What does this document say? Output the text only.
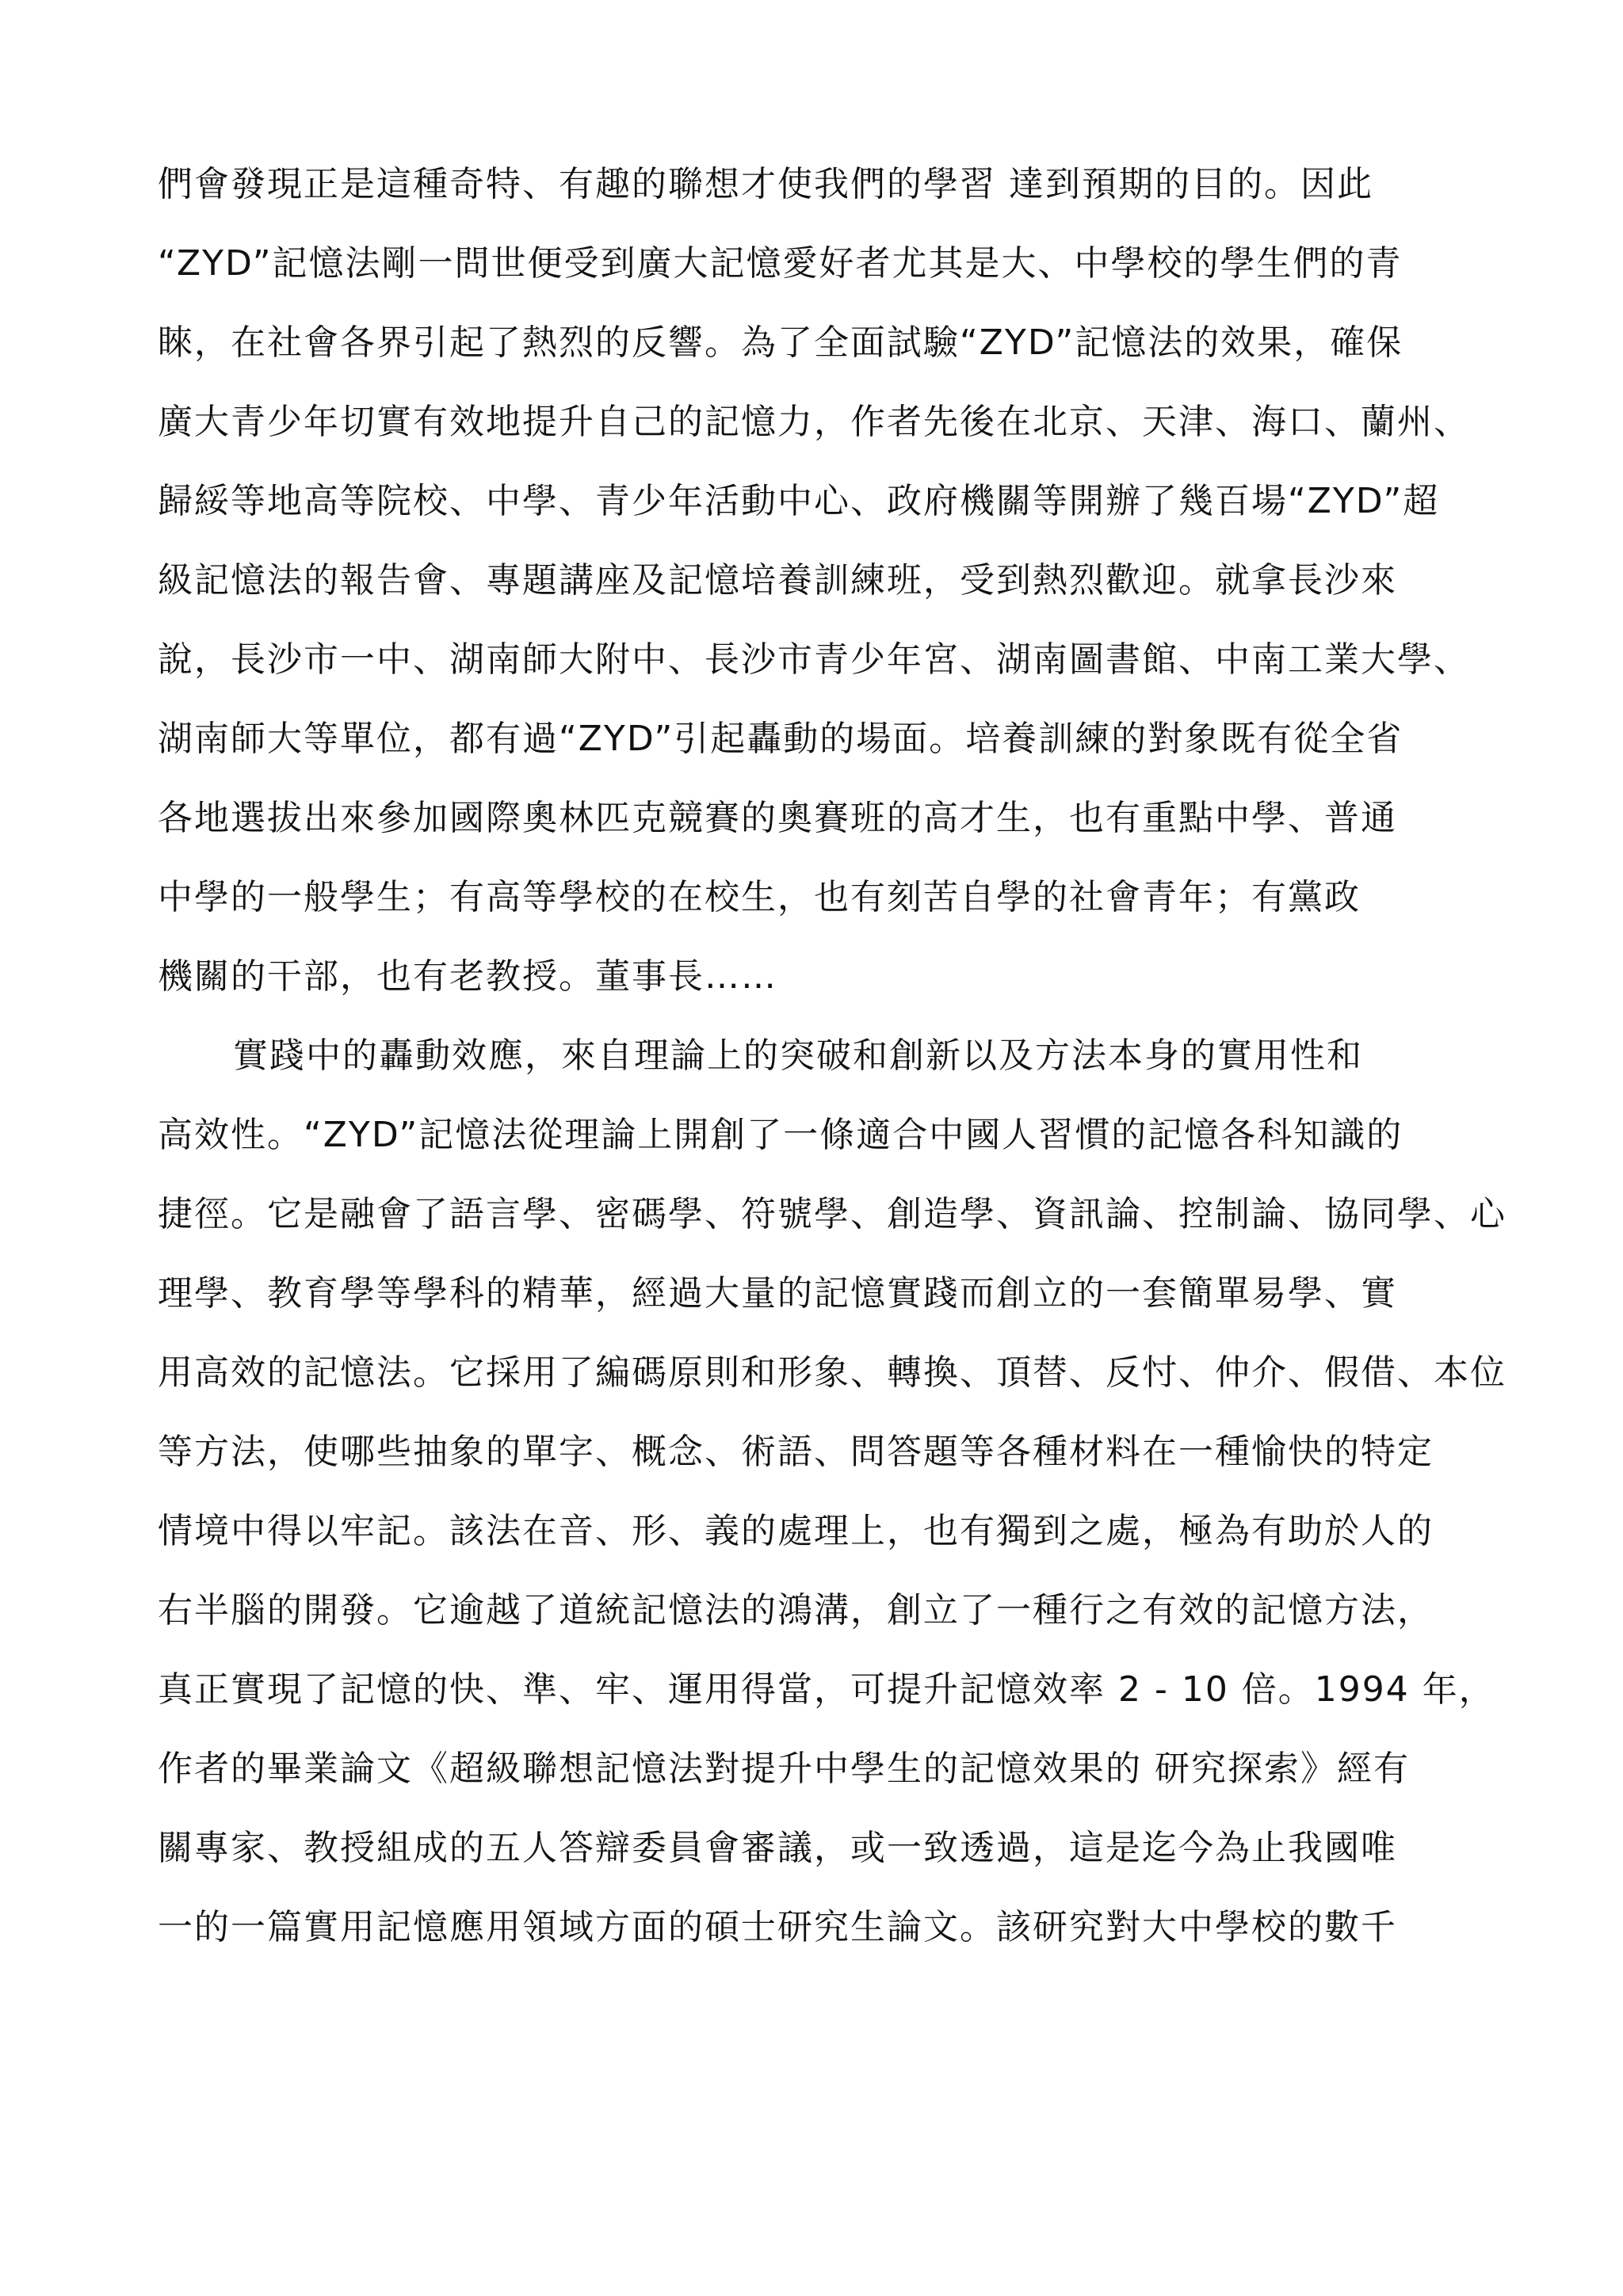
們會發現正是這種奇特、有趣的聯想才使我們的學習 達到預期的目的。因此
“ZYD”記憶法剛一問世便受到廣大記憶愛好者尤其是大、中學校的學生們的青
睞，在社會各界引起了熱烈的反響。為了全面試驗“ZYD”記憶法的效果，確保
廣大青少年切實有效地提升自己的記憶力，作者先後在北京、天津、海口、蘭州、
歸綏等地高等院校、中學、青少年活動中心、政府機關等開辦了幾百場“ZYD”超
級記憶法的報告會、專題講座及記憶培養訓練班，受到熱烈歡迎。就拿長沙來
說，長沙市一中、湖南師大附中、長沙市青少年宮、湖南圖書館、中南工業大學、
湖南師大等單位，都有過“ZYD”引起轟動的場面。培養訓練的對象既有從全省
各地選拔出來參加國際奧林匹克競賽的奧賽班的高才生，也有重點中學、普通
中學的一般學生；有高等學校的在校生，也有刻苦自學的社會青年；有黨政
機關的干部，也有老教授。董事長……
實踐中的轟動效應，來自理論上的突破和創新以及方法本身的實用性和
高效性。“ZYD”記憶法從理論上開創了一條適合中國人習慣的記憶各科知識的
捷徑。它是融會了語言學、密碼學、符號學、創造學、資訊論、控制論、協同學、心
理學、教育學等學科的精華，經過大量的記憶實踐而創立的一套簡單易學、實
用高效的記憶法。它採用了編碼原則和形象、轉換、頂替、反忖、仲介、假借、本位
等方法，使哪些抽象的單字、概念、術語、問答題等各種材料在一種愉快的特定
情境中得以牢記。該法在音、形、義的處理上，也有獨到之處，極為有助於人的
右半腦的開發。它逾越了道統記憶法的鴻溝，創立了一種行之有效的記憶方法，
真正實現了記憶的快、準、牢、運用得當，可提升記憶效率 2 - 10 倍。1994 年，
作者的畢業論文《超級聯想記憶法對提升中學生的記憶效果的 研究探索》經有
關專家、教授組成的五人答辯委員會審議，或一致透過，這是迄今為止我國唯
一的一篇實用記憶應用領域方面的碩士研究生論文。該研究對大中學校的數千
